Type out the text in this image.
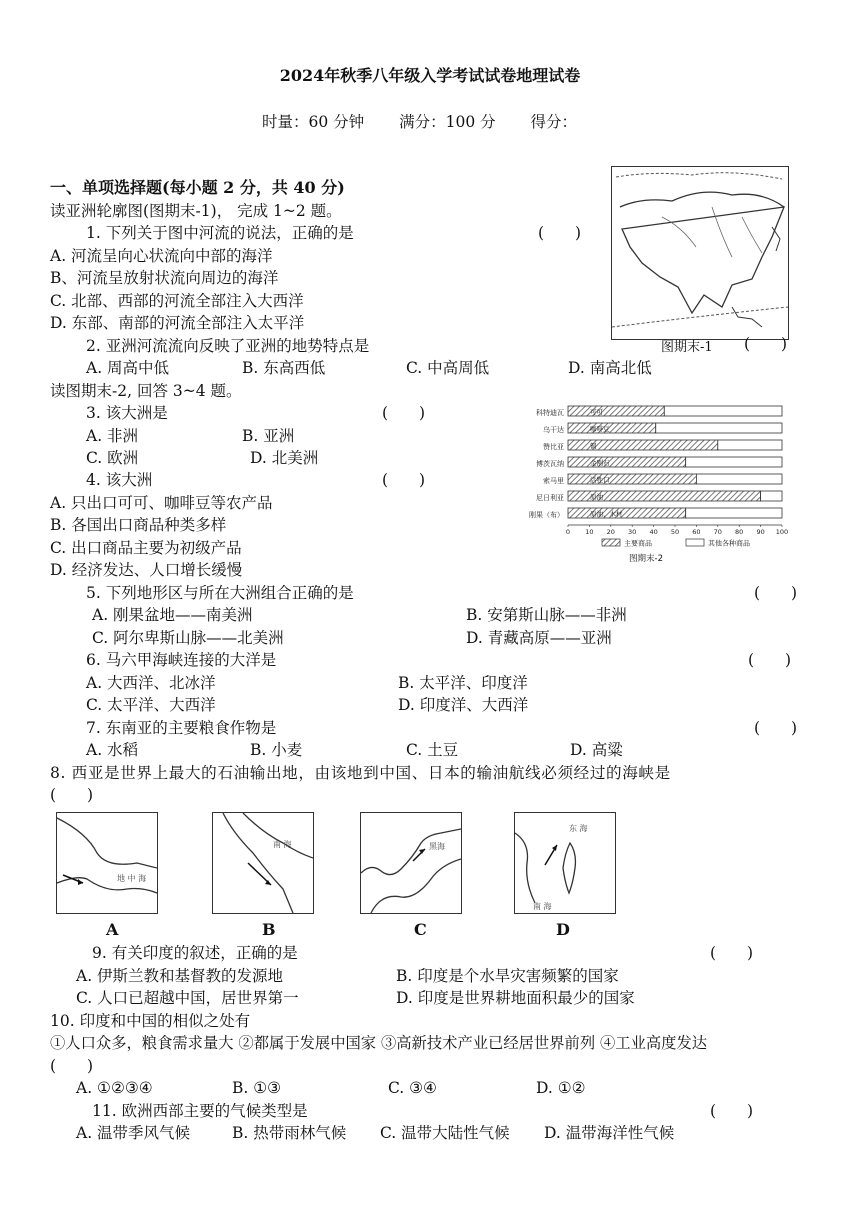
2024年秋季八年级入学考试试卷地理试卷
时量：60 分钟 满分：100 分 得分：
一、单项选择题(每小题 2 分，共 40 分)
读亚洲轮廓图(图期末-1)， 完成 1~2 题。
图期末-1 (　　)
1. 下列关于图中河流的说法，正确的是	(　　)
A. 河流呈向心状流向中部的海洋
B、河流呈放射状流向周边的海洋
C. 北部、西部的河流全部注入大西洋
D. 东部、南部的河流全部注入太平洋
2. 亚洲河流流向反映了亚洲的地势特点是
A. 周高中低	B. 东高西低	C. 中高周低	D. 南高北低
读图期末-2, 回答 3~4 题。
3. 该大洲是	(　　)
A. 非洲	B. 亚洲
C. 欧洲	D. 北美洲
4. 该大洲	(　　)
A. 只出口可可、咖啡豆等农产品
B. 各国出口商品种类多样
C. 出口商品主要为初级产品
D. 经济发达、人口增长缓慢
科特迪瓦	可可
乌干达	咖啡豆
赞比亚	铜
博茨瓦纳	金刚石
索马里	活牲口
尼日利亚	原油
刚果（布）	原油、木材
0 10 20 30 40 50 60 70 80 90 100
主要商品	其他各种商品
图期末-2
5. 下列地形区与所在大洲组合正确的是	(　　)
A. 刚果盆地——南美洲	B. 安第斯山脉——非洲
C. 阿尔卑斯山脉——北美洲	D. 青藏高原——亚洲
6. 马六甲海峡连接的大洋是	(　　)
A. 大西洋、北冰洋	B. 太平洋、印度洋
C. 太平洋、大西洋	D. 印度洋、大西洋
7. 东南亚的主要粮食作物是	(　　)
A. 水稻	B. 小麦	C. 土豆	D. 高粱
8. 西亚是世界上最大的石油输出地，由该地到中国、日本的输油航线必须经过的海峡是
(　　)
地 中 海
南 海	黑海
东 海
南 海
A	B	C	D
9. 有关印度的叙述，正确的是	(　　)
A. 伊斯兰教和基督教的发源地	B. 印度是个水旱灾害频繁的国家
C. 人口已超越中国，居世界第一	D. 印度是世界耕地面积最少的国家
10. 印度和中国的相似之处有
①人口众多，粮食需求量大 ②都属于发展中国家 ③高新技术产业已经居世界前列 ④工业高度发达
(　　)
A. ①②③④	B. ①③	C. ③④	D. ①②
11. 欧洲西部主要的气候类型是	(　　)
A. 温带季风气候	B. 热带雨林气候 C. 温带大陆性气候 D. 温带海洋性气候
